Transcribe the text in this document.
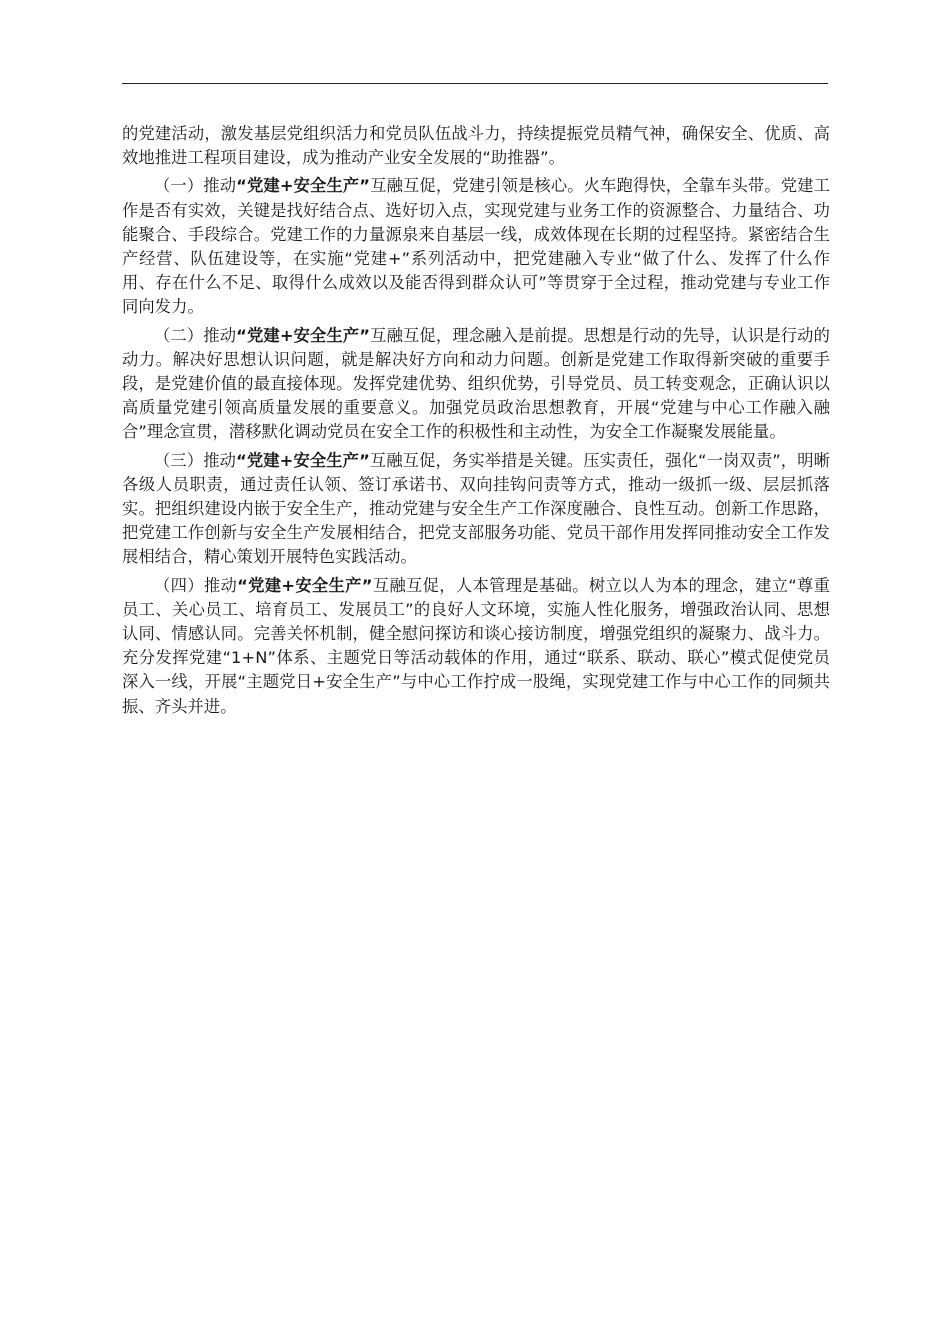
的党建活动，激发基层党组织活力和党员队伍战斗力，持续提振党员精气神，确保安全、优质、高效地推进工程项目建设，成为推动产业安全发展的“助推器”。

（一）推动“党建+安全生产”互融互促，党建引领是核心。火车跑得快，全靠车头带。党建工作是否有实效，关键是找好结合点、选好切入点，实现党建与业务工作的资源整合、力量结合、功能聚合、手段综合。党建工作的力量源泉来自基层一线，成效体现在长期的过程坚持。紧密结合生产经营、队伍建设等，在实施“党建+”系列活动中，把党建融入专业“做了什么、发挥了什么作用、存在什么不足、取得什么成效以及能否得到群众认可”等贯穿于全过程，推动党建与专业工作同向发力。

（二）推动“党建+安全生产”互融互促，理念融入是前提。思想是行动的先导，认识是行动的动力。解决好思想认识问题，就是解决好方向和动力问题。创新是党建工作取得新突破的重要手段，是党建价值的最直接体现。发挥党建优势、组织优势，引导党员、员工转变观念，正确认识以高质量党建引领高质量发展的重要意义。加强党员政治思想教育，开展“党建与中心工作融入融合”理念宣贯，潜移默化调动党员在安全工作的积极性和主动性，为安全工作凝聚发展能量。

（三）推动“党建+安全生产”互融互促，务实举措是关键。压实责任，强化“一岗双责”，明晰各级人员职责，通过责任认领、签订承诺书、双向挂钩问责等方式，推动一级抓一级、层层抓落实。把组织建设内嵌于安全生产，推动党建与安全生产工作深度融合、良性互动。创新工作思路，把党建工作创新与安全生产发展相结合，把党支部服务功能、党员干部作用发挥同推动安全工作发展相结合，精心策划开展特色实践活动。

（四）推动“党建+安全生产”互融互促，人本管理是基础。树立以人为本的理念，建立“尊重员工、关心员工、培育员工、发展员工”的良好人文环境，实施人性化服务，增强政治认同、思想认同、情感认同。完善关怀机制，健全慰问探访和谈心接访制度，增强党组织的凝聚力、战斗力。充分发挥党建“1+N”体系、主题党日等活动载体的作用，通过“联系、联动、联心”模式促使党员深入一线，开展“主题党日+安全生产”与中心工作拧成一股绳，实现党建工作与中心工作的同频共振、齐头并进。
